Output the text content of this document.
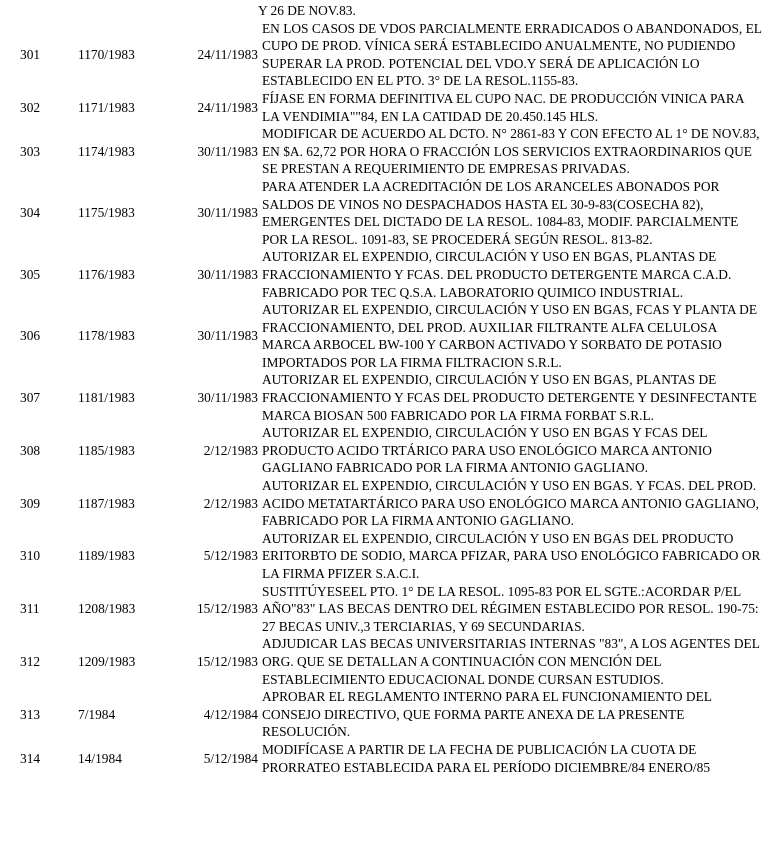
Y 26 DE NOV.83.
301	1170/1983	24/11/1983
EN LOS CASOS DE VDOS PARCIALMENTE ERRADICADOS O ABANDONADOS, EL CUPO DE PROD. VÍNICA SERÁ ESTABLECIDO ANUALMENTE, NO PUDIENDO SUPERAR LA PROD. POTENCIAL DEL VDO.Y SERÁ DE APLICACIÓN LO ESTABLECIDO EN EL PTO. 3° DE LA RESOL.1155-83.
302	1171/1983	24/11/1983
FÍJASE EN FORMA DEFINITIVA EL CUPO NAC. DE PRODUCCIÓN VINICA PARA LA VENDIMIA""84, EN LA CATIDAD DE 20.450.145 HLS.
303	1174/1983	30/11/1983
MODIFICAR DE ACUERDO AL DCTO. N° 2861-83 Y CON EFECTO AL 1° DE NOV.83, EN $A. 62,72 POR HORA O FRACCIÓN LOS SERVICIOS EXTRAORDINARIOS QUE SE PRESTAN A REQUERIMIENTO DE EMPRESAS PRIVADAS.
304	1175/1983	30/11/1983
PARA ATENDER LA ACREDITACIÓN DE LOS ARANCELES ABONADOS POR SALDOS DE VINOS NO DESPACHADOS HASTA EL 30-9-83(COSECHA 82), EMERGENTES DEL DICTADO DE LA RESOL. 1084-83, MODIF. PARCIALMENTE POR LA RESOL. 1091-83, SE PROCEDERÁ SEGÚN RESOL. 813-82.
305	1176/1983	30/11/1983
AUTORIZAR EL EXPENDIO, CIRCULACIÓN Y USO EN BGAS, PLANTAS DE FRACCIONAMIENTO Y FCAS. DEL PRODUCTO DETERGENTE MARCA C.A.D. FABRICADO POR TEC Q.S.A. LABORATORIO QUIMICO INDUSTRIAL.
306	1178/1983	30/11/1983
AUTORIZAR EL EXPENDIO, CIRCULACIÓN Y USO EN BGAS, FCAS Y PLANTA DE FRACCIONAMIENTO, DEL PROD. AUXILIAR FILTRANTE ALFA CELULOSA MARCA ARBOCEL BW-100 Y CARBON ACTIVADO Y SORBATO DE POTASIO IMPORTADOS POR LA FIRMA FILTRACION S.R.L.
307	1181/1983	30/11/1983
AUTORIZAR EL EXPENDIO, CIRCULACIÓN Y USO EN BGAS, PLANTAS DE FRACCIONAMIENTO Y FCAS DEL PRODUCTO DETERGENTE Y DESINFECTANTE MARCA BIOSAN 500 FABRICADO POR LA FIRMA FORBAT S.R.L.
308	1185/1983	2/12/1983
AUTORIZAR EL EXPENDIO, CIRCULACIÓN Y USO EN BGAS Y FCAS DEL PRODUCTO ACIDO TRTÁRICO PARA USO ENOLÓGICO MARCA ANTONIO GAGLIANO FABRICADO POR LA FIRMA ANTONIO GAGLIANO.
309	1187/1983	2/12/1983
AUTORIZAR EL EXPENDIO, CIRCULACIÓN Y USO EN BGAS. Y FCAS. DEL PROD. ACIDO METATARTÁRICO PARA USO ENOLÓGICO MARCA ANTONIO GAGLIANO, FABRICADO POR LA FIRMA ANTONIO GAGLIANO.
310	1189/1983	5/12/1983
AUTORIZAR EL EXPENDIO, CIRCULACIÓN Y USO EN BGAS DEL PRODUCTO ERITORBTO DE SODIO, MARCA PFIZAR, PARA USO ENOLÓGICO FABRICADO OR LA FIRMA PFIZER S.A.C.I.
311	1208/1983	15/12/1983
SUSTITÚYESEEL PTO. 1° DE LA RESOL. 1095-83 POR EL SGTE.:ACORDAR P/EL AÑO"83" LAS BECAS DENTRO DEL RÉGIMEN ESTABLECIDO POR RESOL. 190-75: 27 BECAS UNIV.,3 TERCIARIAS, Y 69 SECUNDARIAS.
312	1209/1983	15/12/1983
ADJUDICAR LAS BECAS UNIVERSITARIAS INTERNAS "83", A LOS AGENTES DEL ORG. QUE SE DETALLAN A CONTINUACIÓN CON MENCIÓN DEL ESTABLECIMIENTO EDUCACIONAL DONDE CURSAN ESTUDIOS.
313	7/1984	4/12/1984
APROBAR EL REGLAMENTO INTERNO PARA EL FUNCIONAMIENTO DEL CONSEJO DIRECTIVO, QUE FORMA PARTE ANEXA DE LA PRESENTE RESOLUCIÓN.
314	14/1984	5/12/1984
MODIFÍCASE A PARTIR DE LA FECHA DE PUBLICACIÓN LA CUOTA DE PRORRATEO ESTABLECIDA PARA EL PERÍODO DICIEMBRE/84 ENERO/85
